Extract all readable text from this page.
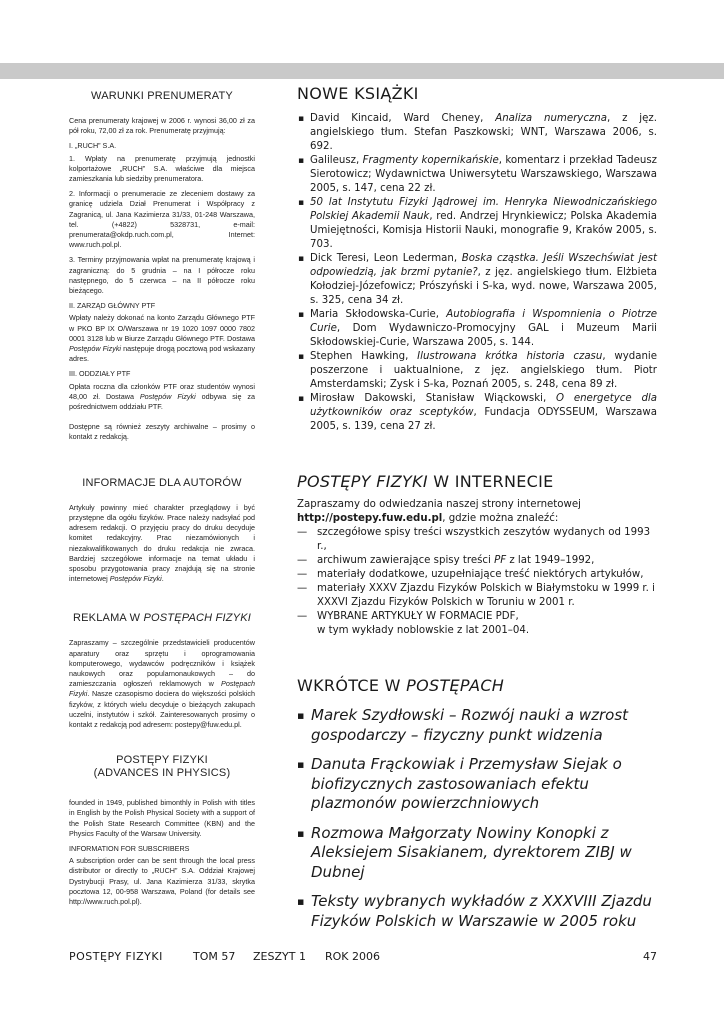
WARUNKI PRENUMERATY

Cena prenumeraty krajowej w 2006 r. wynosi 36,00 zł za pół roku, 72,00 zł za rok. Prenumeratę przyjmują:

I. „RUCH” S.A.

1. Wpłaty na prenumeratę przyjmują jednostki kolportażowe „RUCH” S.A. właściwe dla miejsca zamieszkania lub siedziby prenumeratora.

2. Informacji o prenumeracie ze zleceniem dostawy za granicę udziela Dział Prenumerat i Współpracy z Zagranicą, ul. Jana Kazimierza 31/33, 01-248 Warszawa, tel. (+4822) 5328731, e-mail: prenumerata@okdp.ruch.com.pl, Internet: www.ruch.pol.pl.

3. Terminy przyjmowania wpłat na prenumeratę krajową i zagraniczną: do 5 grudnia – na I półrocze roku następnego, do 5 czerwca – na II półrocze roku bieżącego.

II. ZARZĄD GŁÓWNY PTF

Wpłaty należy dokonać na konto Zarządu Głównego PTF w PKO BP IX O/Warszawa nr 19 1020 1097 0000 7802 0001 3128 lub w Biurze Zarządu Głównego PTF. Dostawa Postępów Fizyki następuje drogą pocztową pod wskazany adres.

III. ODDZIAŁY PTF

Opłata roczna dla członków PTF oraz studentów wynosi 48,00 zł. Dostawa Postępów Fizyki odbywa się za pośrednictwem oddziału PTF.

Dostępne są również zeszyty archiwalne – prosimy o kontakt z redakcją.

INFORMACJE DLA AUTORÓW

Artykuły powinny mieć charakter przeglądowy i być przystępne dla ogółu fizyków. Prace należy nadsyłać pod adresem redakcji. O przyjęciu pracy do druku decyduje komitet redakcyjny. Prac niezamówionych i niezakwalifikowanych do druku redakcja nie zwraca. Bardziej szczegółowe informacje na temat układu i sposobu przygotowania pracy znajdują się na stronie internetowej Postępów Fizyki.

REKLAMA W POSTĘPACH FIZYKI

Zapraszamy – szczególnie przedstawicieli producentów aparatury oraz sprzętu i oprogramowania komputerowego, wydawców podręczników i książek naukowych oraz popularnonaukowych – do zamieszczania ogłoszeń reklamowych w Postępach Fizyki. Nasze czasopismo dociera do większości polskich fizyków, z których wielu decyduje o bieżących zakupach uczelni, instytutów i szkół. Zainteresowanych prosimy o kontakt z redakcją pod adresem: postepy@fuw.edu.pl.

POSTĘPY FIZYKI
(ADVANCES IN PHYSICS)

founded in 1949, published bimonthly in Polish with titles in English by the Polish Physical Society with a support of the Polish State Research Committee (KBN) and the Physics Faculty of the Warsaw University.

INFORMATION FOR SUBSCRIBERS

A subscription order can be sent through the local press distributor or directly to „RUCH” S.A. Oddział Krajowej Dystrybucji Prasy, ul. Jana Kazimierza 31/33, skrytka pocztowa 12, 00-958 Warszawa, Poland (for details see http://www.ruch.pol.pl).

NOWE KSIĄŻKI
▪ David Kincaid, Ward Cheney, Analiza numeryczna, z jęz. angielskiego tłum. Stefan Paszkowski; WNT, Warszawa 2006, s. 692.
▪ Galileusz, Fragmenty kopernikańskie, komentarz i przekład Tadeusz Sierotowicz; Wydawnictwa Uniwersytetu Warszawskiego, Warszawa 2005, s. 147, cena 22 zł.
▪ 50 lat Instytutu Fizyki Jądrowej im. Henryka Niewodniczańskiego Polskiej Akademii Nauk, red. Andrzej Hrynkiewicz; Polska Akademia Umiejętności, Komisja Historii Nauki, monografie 9, Kraków 2005, s. 703.
▪ Dick Teresi, Leon Lederman, Boska cząstka. Jeśli Wszechświat jest odpowiedzią, jak brzmi pytanie?, z jęz. angielskiego tłum. Elżbieta Kołodziej-Józefowicz; Prószyński i S-ka, wyd. nowe, Warszawa 2005, s. 325, cena 34 zł.
▪ Maria Skłodowska-Curie, Autobiografia i Wspomnienia o Piotrze Curie, Dom Wydawniczo-Promocyjny GAL i Muzeum Marii Skłodowskiej-Curie, Warszawa 2005, s. 144.
▪ Stephen Hawking, Ilustrowana krótka historia czasu, wydanie poszerzone i uaktualnione, z jęz. angielskiego tłum. Piotr Amsterdamski; Zysk i S-ka, Poznań 2005, s. 248, cena 89 zł.
▪ Mirosław Dakowski, Stanisław Wiąckowski, O energetyce dla użytkowników oraz sceptyków, Fundacja ODYSSEUM, Warszawa 2005, s. 139, cena 27 zł.
POSTĘPY FIZYKI W INTERNECIE
Zapraszamy do odwiedzania naszej strony internetowej
http://postepy.fuw.edu.pl, gdzie można znaleźć:
— szczegółowe spisy treści wszystkich zeszytów wydanych od 1993 r.,
— archiwum zawierające spisy treści PF z lat 1949–1992,
— materiały dodatkowe, uzupełniające treść niektórych artykułów,
— materiały XXXV Zjazdu Fizyków Polskich w Białymstoku w 1999 r. i XXXVI Zjazdu Fizyków Polskich w Toruniu w 2001 r.
— WYBRANE ARTYKUŁY W FORMACIE PDF,
w tym wykłady noblowskie z lat 2001–04.
WKRÓTCE W POSTĘPACH
▪ Marek Szydłowski – Rozwój nauki a wzrost gospodarczy – fizyczny punkt widzenia
▪ Danuta Frąckowiak i Przemysław Siejak o biofizycznych zastosowaniach efektu plazmonów powierzchniowych
▪ Rozmowa Małgorzaty Nowiny Konopki z Aleksiejem Sisakianem, dyrektorem ZIBJ w Dubnej
▪ Teksty wybranych wykładów z XXXVIII Zjazdu Fizyków Polskich w Warszawie w 2005 roku
POSTĘPY FIZYKI	TOM 57 ZESZYT 1 ROK 2006	47
